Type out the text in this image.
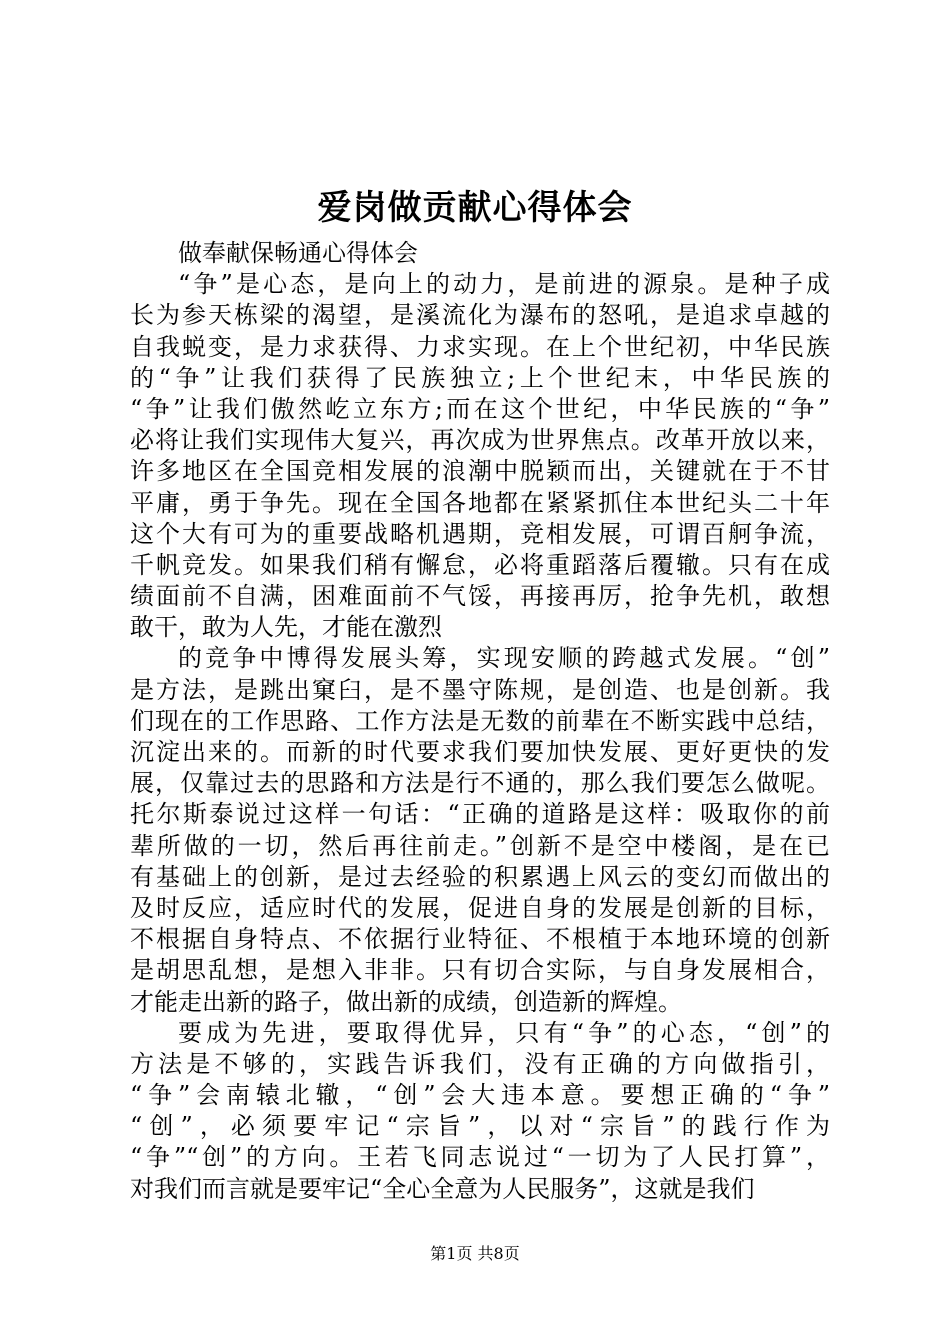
爱岗做贡献心得体会
做奉献保畅通心得体会
“争”是心态，是向上的动力，是前进的源泉。是种子成
长为参天栋梁的渴望，是溪流化为瀑布的怒吼，是追求卓越的
自我蜕变，是力求获得、力求实现。在上个世纪初，中华民族
的“争”让我们获得了民族独立;上个世纪末，中华民族的
“争”让我们傲然屹立东方;而在这个世纪，中华民族的“争”
必将让我们实现伟大复兴，再次成为世界焦点。改革开放以来，
许多地区在全国竞相发展的浪潮中脱颖而出，关键就在于不甘
平庸，勇于争先。现在全国各地都在紧紧抓住本世纪头二十年
这个大有可为的重要战略机遇期，竞相发展，可谓百舸争流，
千帆竞发。如果我们稍有懈怠，必将重蹈落后覆辙。只有在成
绩面前不自满，困难面前不气馁，再接再厉，抢争先机，敢想
敢干，敢为人先，才能在激烈
的竞争中博得发展头筹，实现安顺的跨越式发展。“创”
是方法，是跳出窠臼，是不墨守陈规，是创造、也是创新。我
们现在的工作思路、工作方法是无数的前辈在不断实践中总结，
沉淀出来的。而新的时代要求我们要加快发展、更好更快的发
展，仅靠过去的思路和方法是行不通的，那么我们要怎么做呢。
托尔斯泰说过这样一句话：“正确的道路是这样：吸取你的前
辈所做的一切，然后再往前走。”创新不是空中楼阁，是在已
有基础上的创新，是过去经验的积累遇上风云的变幻而做出的
及时反应，适应时代的发展，促进自身的发展是创新的目标，
不根据自身特点、不依据行业特征、不根植于本地环境的创新
是胡思乱想，是想入非非。只有切合实际，与自身发展相合，
才能走出新的路子，做出新的成绩，创造新的辉煌。
要成为先进，要取得优异，只有“争”的心态，“创”的
方法是不够的，实践告诉我们，没有正确的方向做指引，
“争”会南辕北辙，“创”会大违本意。要想正确的“争”
“创”，必须要牢记“宗旨”，以对“宗旨”的践行作为
“争”“创”的方向。王若飞同志说过“一切为了人民打算”，
对我们而言就是要牢记“全心全意为人民服务”，这就是我们
第1页 共8页
